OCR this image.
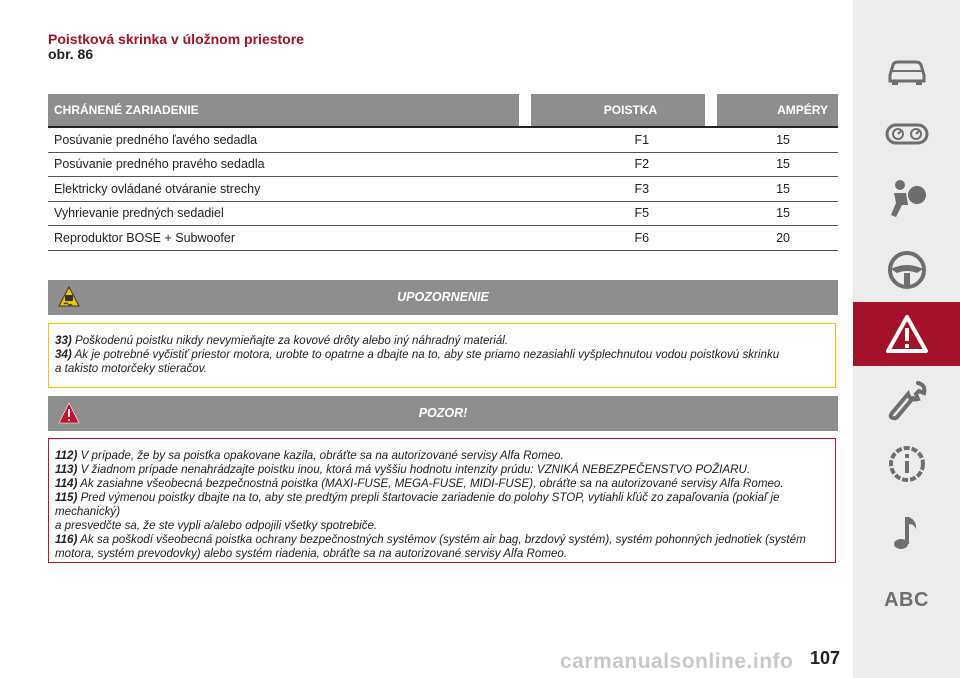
Poistková skrinka v úložnom priestore
obr. 86
CHRÁNENÉ ZARIADENIE		POISTKA		AMPÉRY
Posúvanie predného ľavého sedadla		F1		15
Posúvanie predného pravého sedadla		F2		15
Elektricky ovládané otváranie strechy		F3		15
Vyhrievanie predných sedadiel		F5		15
Reproduktor BOSE + Subwoofer		F6		20
UPOZORNENIE
33) Poškodenú poistku nikdy nevymieňajte za kovové drôty alebo iný náhradný materiál.
34) Ak je potrebné vyčistiť priestor motora, urobte to opatrne a dbajte na to, aby ste priamo nezasiahli vyšplechnutou vodou poistkovú skrinku
a takisto motorčeky stieračov.
POZOR!
112) V prípade, že by sa poistka opakovane kazila, obráťte sa na autorizované servisy Alfa Romeo.
113) V žiadnom prípade nenahrádzajte poistku inou, ktorá má vyššiu hodnotu intenzity prúdu: VZNIKÁ NEBEZPEČENSTVO POŽIARU.
114) Ak zasiahne všeobecná bezpečnostná poistka (MAXI-FUSE, MEGA-FUSE, MIDI-FUSE), obráťte sa na autorizované servisy Alfa Romeo.
115) Pred výmenou poistky dbajte na to, aby ste predtým prepli štartovacie zariadenie do polohy STOP, vytiahli kľúč zo zapaľovania (pokiaľ je mechanický)
a presvedčte sa, že ste vypli a/alebo odpojili všetky spotrebiče.
116) Ak sa poškodí všeobecná poistka ochrany bezpečnostných systémov (systém air bag, brzdový systém), systém pohonných jednotiek (systém
motora, systém prevodovky) alebo systém riadenia, obráťte sa na autorizované servisy Alfa Romeo.
ABC
carmanualsonline.info 107
